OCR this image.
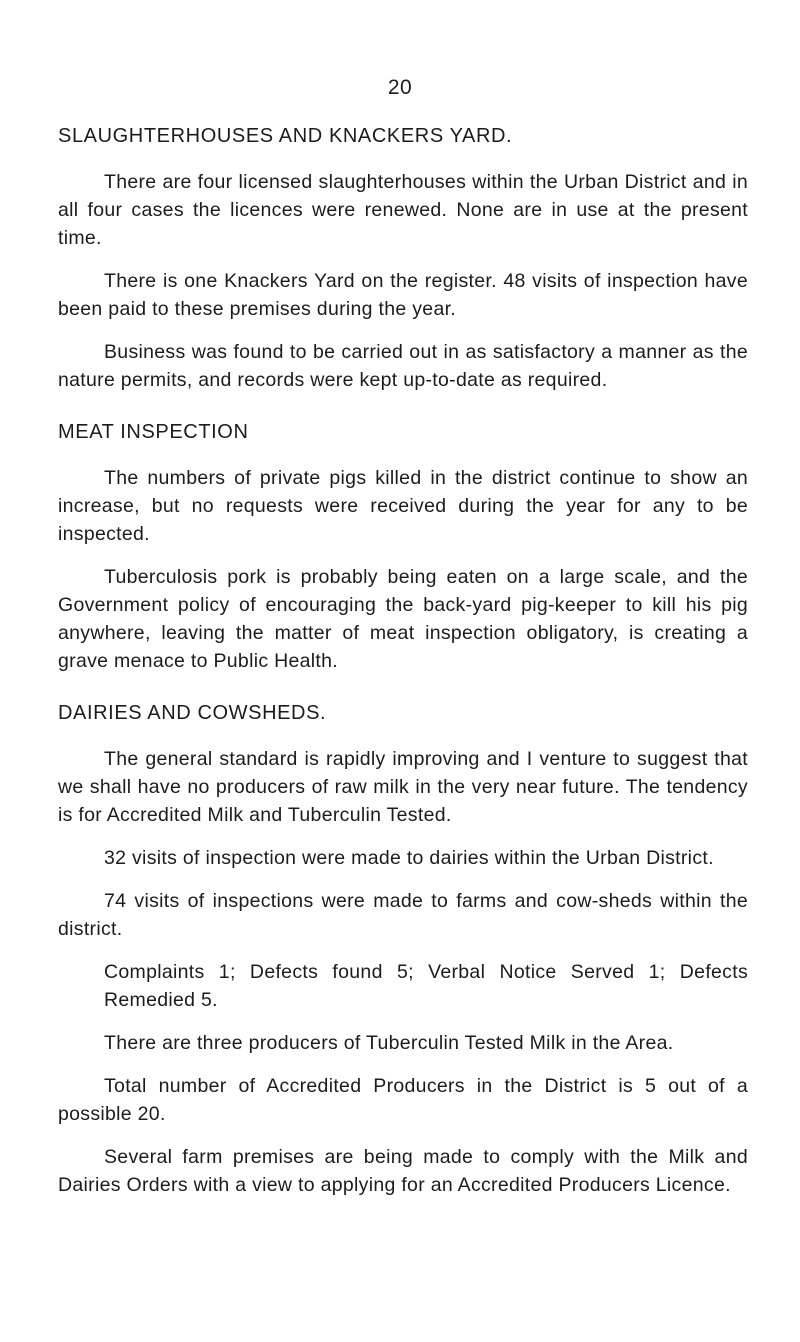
20
SLAUGHTERHOUSES AND KNACKERS YARD.

There are four licensed slaughterhouses within the Urban District and in all four cases the licences were renewed. None are in use at the present time.

There is one Knackers Yard on the register. 48 visits of inspection have been paid to these premises during the year.

Business was found to be carried out in as satisfactory a manner as the nature permits, and records were kept up-to-date as required.

MEAT INSPECTION

The numbers of private pigs killed in the district continue to show an increase, but no requests were received during the year for any to be inspected.

Tuberculosis pork is probably being eaten on a large scale, and the Government policy of encouraging the back-yard pig-keeper to kill his pig anywhere, leaving the matter of meat inspection obligatory, is creating a grave menace to Public Health.

DAIRIES AND COWSHEDS.

The general standard is rapidly improving and I venture to suggest that we shall have no producers of raw milk in the very near future. The tendency is for Accredited Milk and Tuberculin Tested.

32 visits of inspection were made to dairies within the Urban District.

74 visits of inspections were made to farms and cow-sheds within the district.

Complaints 1; Defects found 5; Verbal Notice Served 1; Defects Remedied 5.

There are three producers of Tuberculin Tested Milk in the Area.

Total number of Accredited Producers in the District is 5 out of a possible 20.

Several farm premises are being made to comply with the Milk and Dairies Orders with a view to applying for an Accredited Producers Licence.
